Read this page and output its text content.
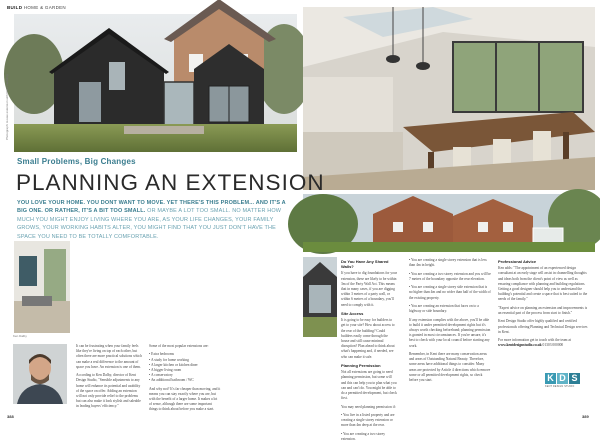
BUILD HOME & GARDEN
Photograph: House extension with black cladding
Small Problems, Big Changes
PLANNING AN EXTENSION
YOU LOVE YOUR HOME. YOU DONT WANT TO MOVE. YET THERE'S THIS PROBLEM... AND IT'S A BIG ONE. OR RATHER, IT'S A BIT TOO SMALL. OR MAYBE A LOT TOO SMALL. NO MATTER HOW MUCH YOU MIGHT ENJOY LIVING WHERE YOU ARE, AS YOUR LIFE CHANGES, YOUR FAMILY GROWS, YOUR WORKING HABITS ALTER, YOU MIGHT FIND THAT YOU JUST DON'T HAVE THE SPACE YOU NEED TO BE TOTALLY COMFORTABLE.
Ken Dalby

It can be frustrating when your family feels like they're living on top of each other, but often there are more practical solutions which can make a real difference to the amount of space you have. An extension is one of them.

According to Ken Dalby, director of Kent Design Studio, "Sensible adjustments to any home will enhance its potential and usability of the space on offer. Adding an extension will not only provide relief to the problems but can also make it look stylish and saleable in leading buyers' efficiency."

Some of the most popular extensions are:

• Extra bedrooms
• A study for home working
• A larger kitchen or kitchen diner
• A bigger living room
• A conservatory
• An additional bathroom / WC

And why not? It's far cheaper than moving, and it means you can stay exactly where you are, but with the benefit of a larger home. It makes a lot of sense, although there are some important things to think about before you make a start.

Do You Have Any Shared Walls?

If you have to dig foundations for your extension, these are likely to be within 3m of the Party Wall Act. This means that in many cases, if you are digging within 3 metres of a party wall, or within 6 metres of a boundary, you'll need to comply with it.

Site Access

It is going to be easy for builders to get to your site? How about access to the rear of the building? Could builders easily come through the house and still cause minimal disruption? Plan ahead to think about what's happening and, if needed, see who can make it safe.

Planning Permission

Not all extensions are going to need planning permission, but some will and this can help you to plan what you can and can't do. You might be able to do a permitted development, but check first.

You may need planning permission if:

• You live in a listed property and are creating a single storey extension or more than 4m deep at the rear.

• You are creating a two storey extension.

• You are creating a single storey extension that is less than 4m in height.

• You are creating a two storey extension and you will be 7 metres of the boundary opposite the rear elevation.

• You are creating a single storey side extension that is no higher than 4m and no wider than half of the width of the existing property.

• You are creating an extension that faces on to a highway or side boundary.

If any extension complies with the above, you'll be able to build it under permitted development rights but it's always worth checking beforehand; planning permission is granted in most circumstances. If you're unsure, it's best to check with your local council before starting any work.

Remember, in Kent there are many conservation areas and areas of Outstanding Natural Beauty. Therefore, some areas have additional things to consider. Many areas are protected by Article 4 directions which remove some or all permitted development rights, so check before you start.

Professional Advice

Ken adds: "The appointment of an experienced design consultant at an early stage will assist in channelling thoughts and ideas both from the client's point of view as well as ensuring compliance with planning and building regulations. Getting a good designer should help you to understand the building's potential and create a space that is best suited to the needs of the family."

"Expert advice on planning an extension and improvements is an essential part of the process from start to finish."

Kent Design Studio offer highly qualified and certified professionals offering Planning and Technical Design services in Kent.

For more information get in touch with the team at www.kentdesignstudio.co.uk 01303 000000

K D S
KENT DESIGN STUDIO
388	389
